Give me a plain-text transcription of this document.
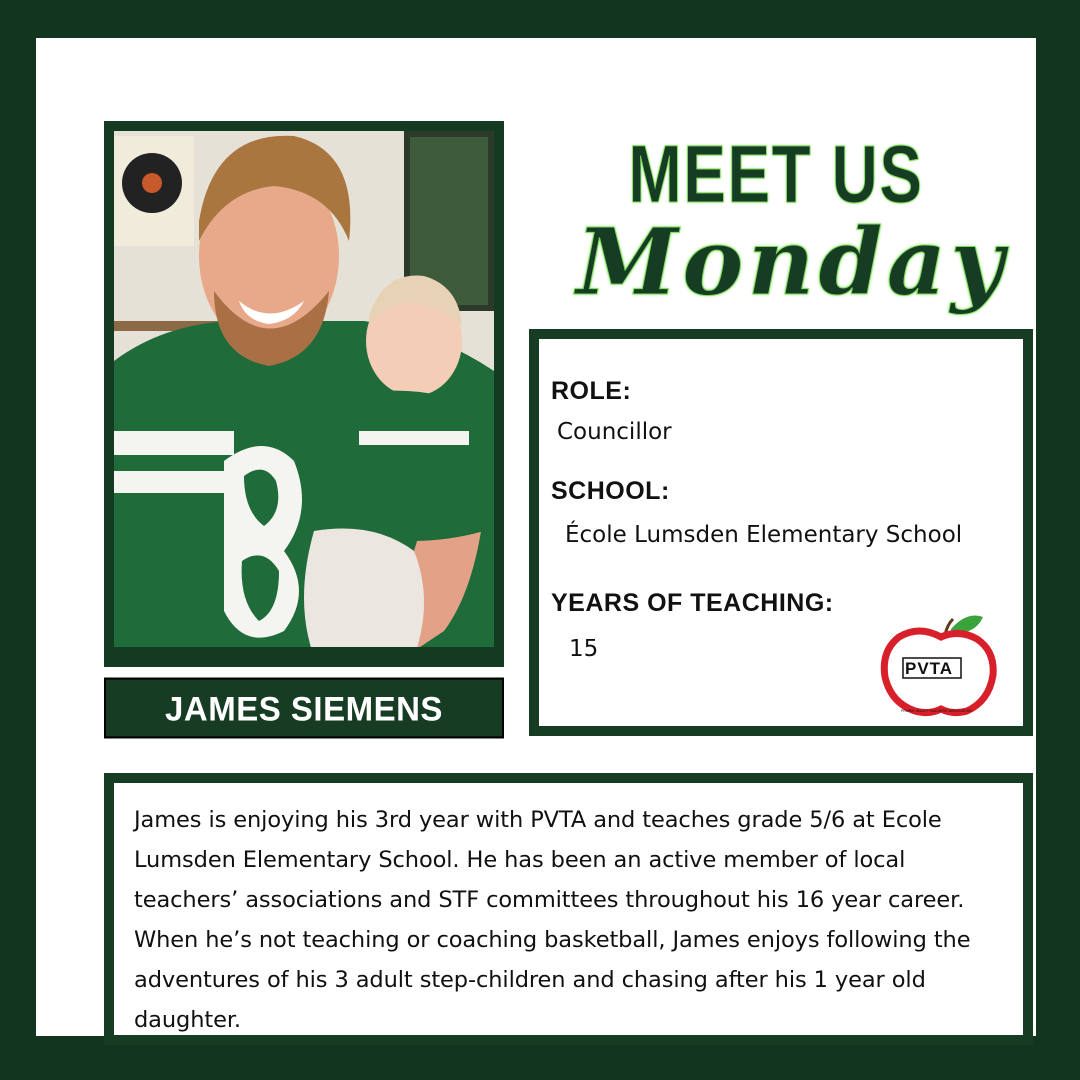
JAMES SIEMENS
MEET US
Monday
ROLE:
Councillor
SCHOOL:
École Lumsden Elementary School
YEARS OF TEACHING:
15
PVTA
PRAIRIE VALLEY TEACHERS' ASSOCIATION

James is enjoying his 3rd year with PVTA and teaches grade 5/6 at Ecole Lumsden Elementary School. He has been an active member of local teachers’ associations and STF committees throughout his 16 year career. When he’s not teaching or coaching basketball, James enjoys following the adventures of his 3 adult step-children and chasing after his 1 year old daughter.
